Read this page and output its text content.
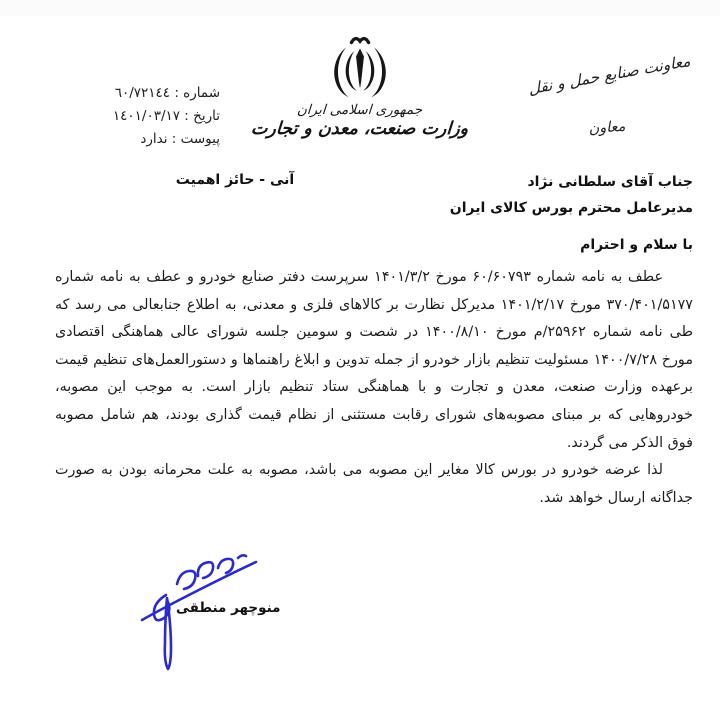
شماره : ٦٠/٧٢١٤٤
تاریخ : ١٤٠١/٠٣/١٧
پیوست : ندارد
جمهوری اسلامی ایران
وزارت صنعت، معدن و تجارت
معاونت صنایع حمل و نقل
معاون
جناب آقای سلطانی نژاد
مدیرعامل محترم بورس کالای ایران
آنی - حائز اهمیت
با سلام و احترام

عطف به نامه شماره ۶۰/۶۰۷۹۳ مورخ ۱۴۰۱/۳/۲ سرپرست دفتر صنایع خودرو و عطف به نامه شماره ۳۷۰/۴۰۱/۵۱۷۷ مورخ ۱۴۰۱/۲/۱۷ مدیرکل نظارت بر کالاهای فلزی و معدنی، به اطلاع جنابعالی می رسد که طی نامه شماره ۲۵۹۶۲/م مورخ ۱۴۰۰/۸/۱۰ در شصت و سومین جلسه شورای عالی هماهنگی اقتصادی مورخ ۱۴۰۰/۷/۲۸ مسئولیت تنظیم بازار خودرو از جمله تدوین و ابلاغ راهنماها و دستورالعمل‌های تنظیم قیمت برعهده وزارت صنعت، معدن و تجارت و با هماهنگی ستاد تنظیم بازار است. به موجب این مصوبه، خودروهایی که بر مبنای مصوبه‌های شورای رقابت مستثنی از نظام قیمت گذاری بودند، هم شامل مصوبه فوق الذکر می گردند.

لذا عرضه خودرو در بورس کالا مغایر این مصوبه می باشد، مصوبه به علت محرمانه بودن به صورت جداگانه ارسال خواهد شد.

منوچهر منطقی
